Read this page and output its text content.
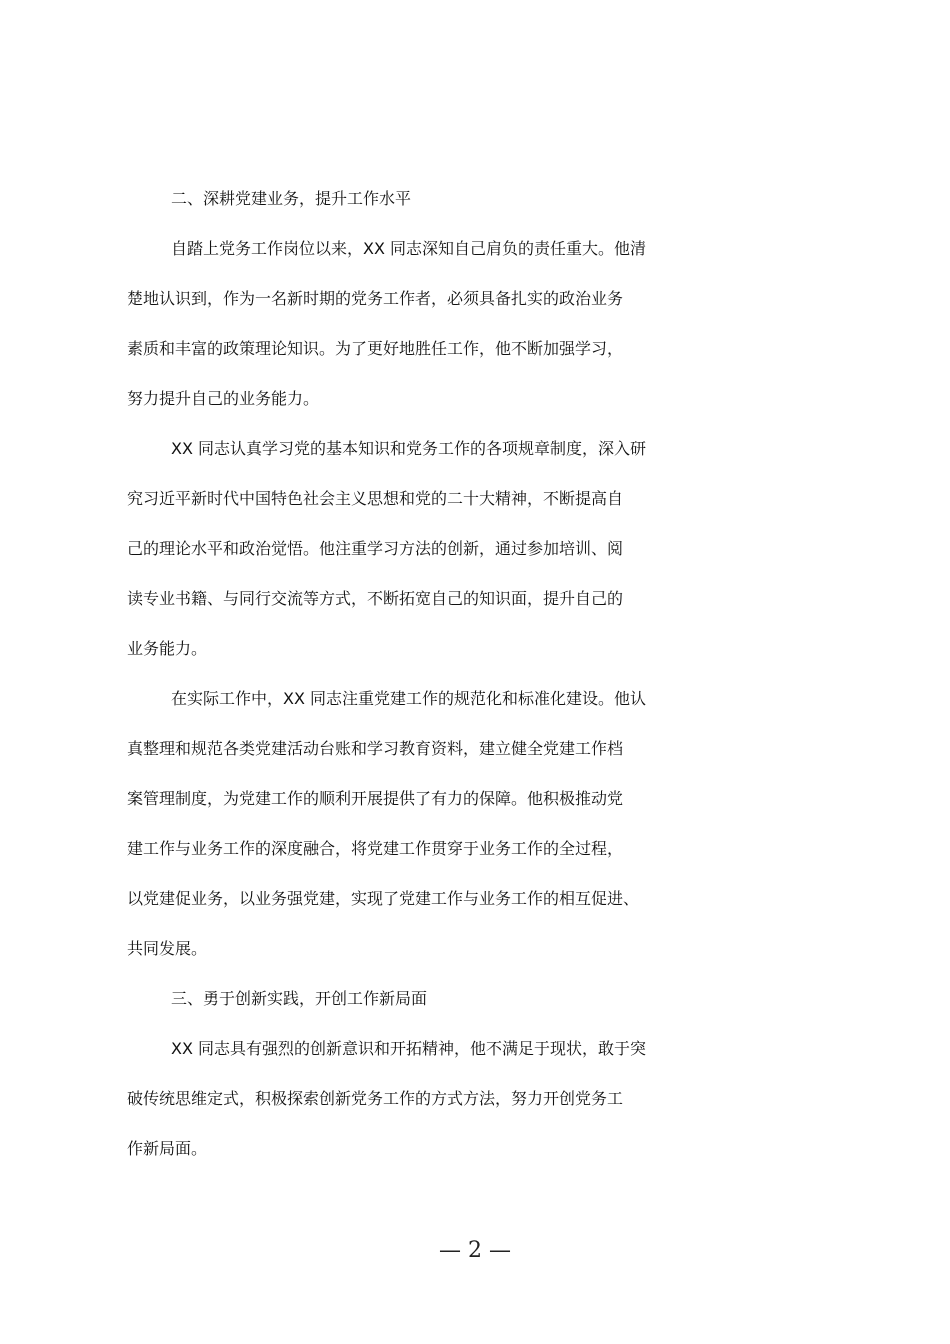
二、深耕党建业务，提升工作水平
自踏上党务工作岗位以来，XX 同志深知自己肩负的责任重大。他清
楚地认识到，作为一名新时期的党务工作者，必须具备扎实的政治业务
素质和丰富的政策理论知识。为了更好地胜任工作，他不断加强学习，
努力提升自己的业务能力。
XX 同志认真学习党的基本知识和党务工作的各项规章制度，深入研
究习近平新时代中国特色社会主义思想和党的二十大精神，不断提高自
己的理论水平和政治觉悟。他注重学习方法的创新，通过参加培训、阅
读专业书籍、与同行交流等方式，不断拓宽自己的知识面，提升自己的
业务能力。
在实际工作中，XX 同志注重党建工作的规范化和标准化建设。他认
真整理和规范各类党建活动台账和学习教育资料，建立健全党建工作档
案管理制度，为党建工作的顺利开展提供了有力的保障。他积极推动党
建工作与业务工作的深度融合，将党建工作贯穿于业务工作的全过程，
以党建促业务，以业务强党建，实现了党建工作与业务工作的相互促进、
共同发展。
三、勇于创新实践，开创工作新局面
XX 同志具有强烈的创新意识和开拓精神，他不满足于现状，敢于突
破传统思维定式，积极探索创新党务工作的方式方法，努力开创党务工
作新局面。
— 2 —
